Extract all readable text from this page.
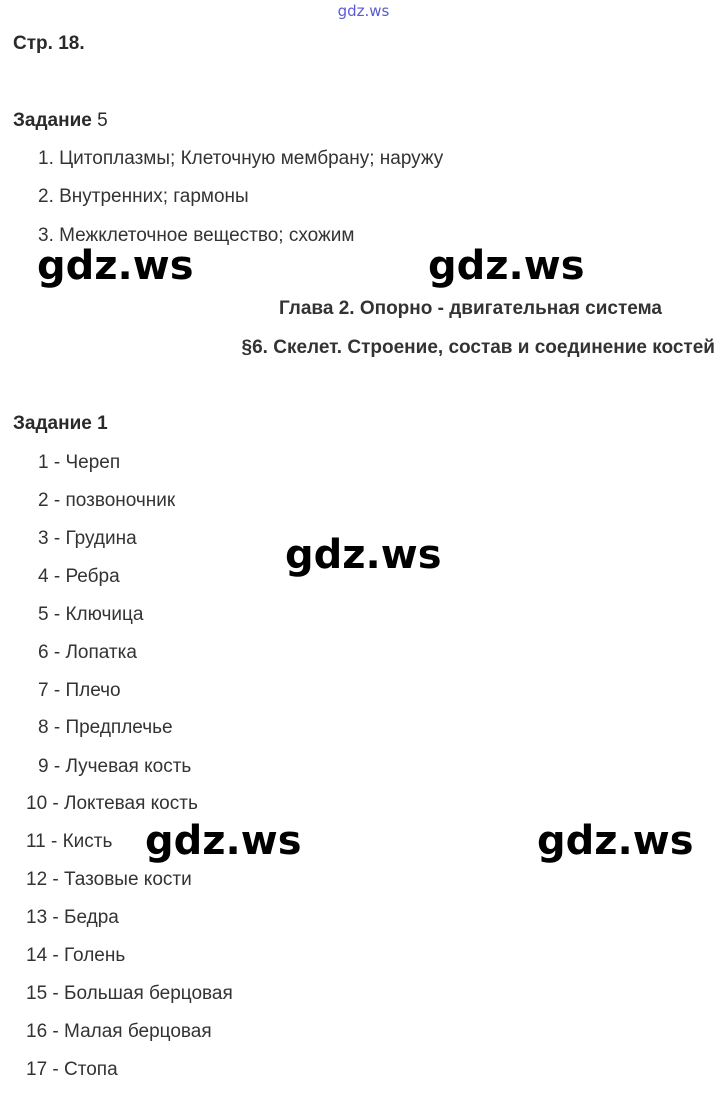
gdz.ws
Стр. 18.
Задание 5
1. Цитоплазмы; Клеточную мембрану; наружу
2. Внутренних; гармоны
3. Межклеточное вещество; схожим
Глава 2. Опорно - двигательная система
§6. Скелет. Строение, состав и соединение костей
Задание 1
1 - Череп
2 - позвоночник
3 - Грудина
4 - Ребра
5 - Ключица
6 - Лопатка
7 - Плечо
8 - Предплечье
9 - Лучевая кость
10 - Локтевая кость
11 - Кисть
12 - Тазовые кости
13 - Бедра
14 - Голень
15 - Большая берцовая
16 - Малая берцовая
17 - Стопа
gdz.ws	gdz.ws
gdz.ws
gdz.ws	gdz.ws
